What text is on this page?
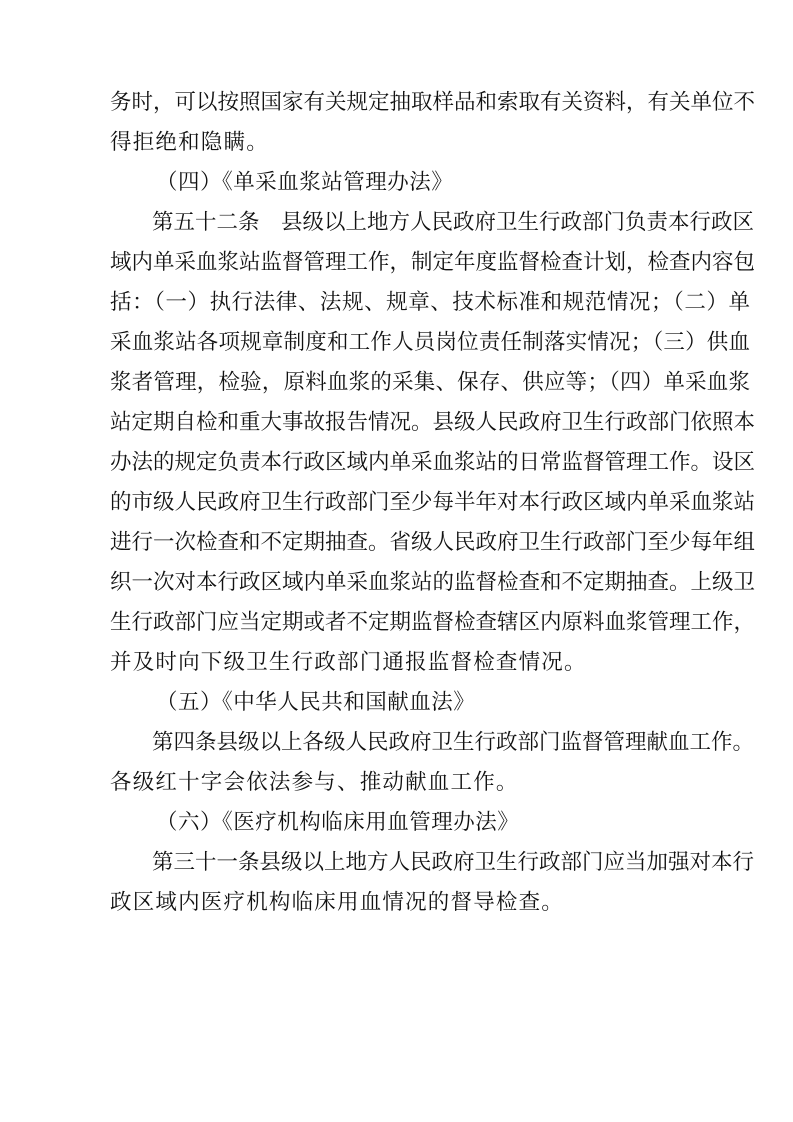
务时，可以按照国家有关规定抽取样品和索取有关资料，有关单位不
得拒绝和隐瞒。
（四）《单采血浆站管理办法》
第五十二条　县级以上地方人民政府卫生行政部门负责本行政区
域内单采血浆站监督管理工作，制定年度监督检查计划，检查内容包
括：（一）执行法律、法规、规章、技术标准和规范情况；（二）单
采血浆站各项规章制度和工作人员岗位责任制落实情况；（三）供血
浆者管理，检验，原料血浆的采集、保存、供应等；（四）单采血浆
站定期自检和重大事故报告情况。县级人民政府卫生行政部门依照本
办法的规定负责本行政区域内单采血浆站的日常监督管理工作。设区
的市级人民政府卫生行政部门至少每半年对本行政区域内单采血浆站
进行一次检查和不定期抽查。省级人民政府卫生行政部门至少每年组
织一次对本行政区域内单采血浆站的监督检查和不定期抽查。上级卫
生行政部门应当定期或者不定期监督检查辖区内原料血浆管理工作，
并及时向下级卫生行政部门通报监督检查情况。
（五）《中华人民共和国献血法》
第四条县级以上各级人民政府卫生行政部门监督管理献血工作。
各级红十字会依法参与、推动献血工作。
（六）《医疗机构临床用血管理办法》
第三十一条县级以上地方人民政府卫生行政部门应当加强对本行
政区域内医疗机构临床用血情况的督导检查。
